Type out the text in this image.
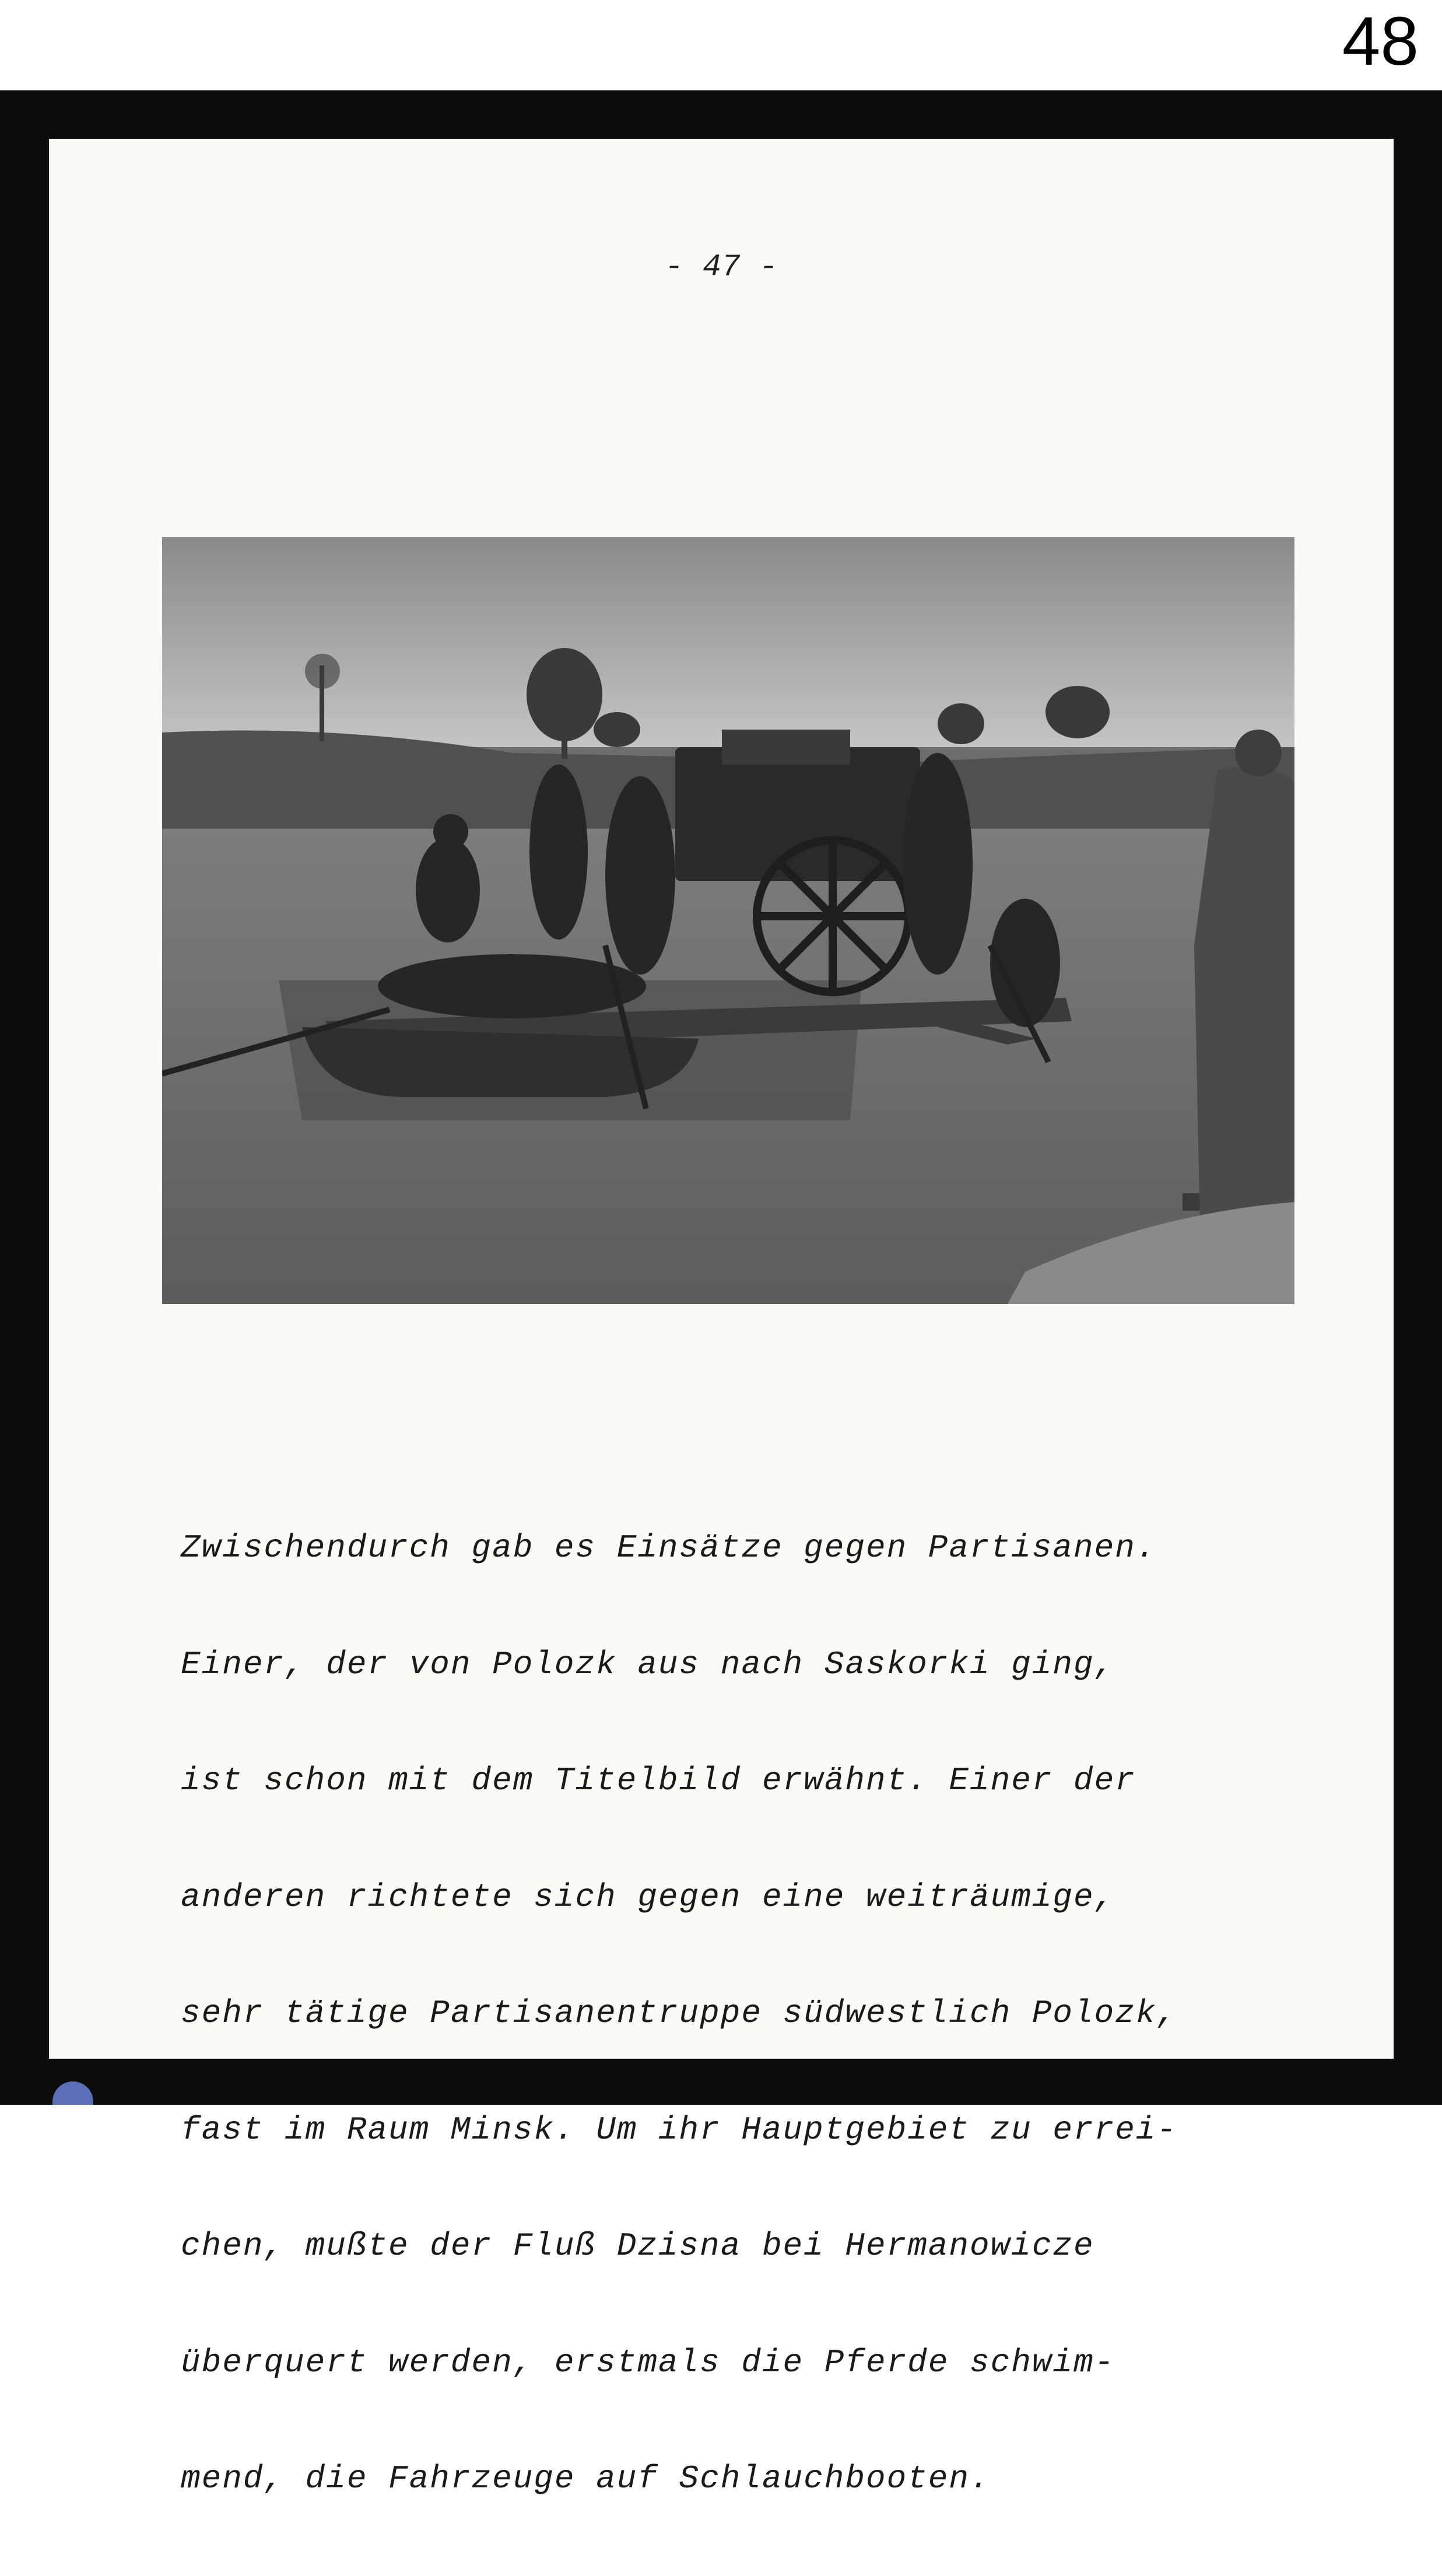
48
- 47 -

Zwischendurch gab es Einsätze gegen Partisanen.

Einer, der von Polozk aus nach Saskorki ging,

ist schon mit dem Titelbild erwähnt. Einer der

anderen richtete sich gegen eine weiträumige,

sehr tätige Partisanentruppe südwestlich Polozk,

fast im Raum Minsk. Um ihr Hauptgebiet zu errei-

chen, mußte der Fluß Dzisna bei Hermanowicze

überquert werden, erstmals die Pferde schwim-

mend, die Fahrzeuge auf Schlauchbooten.
